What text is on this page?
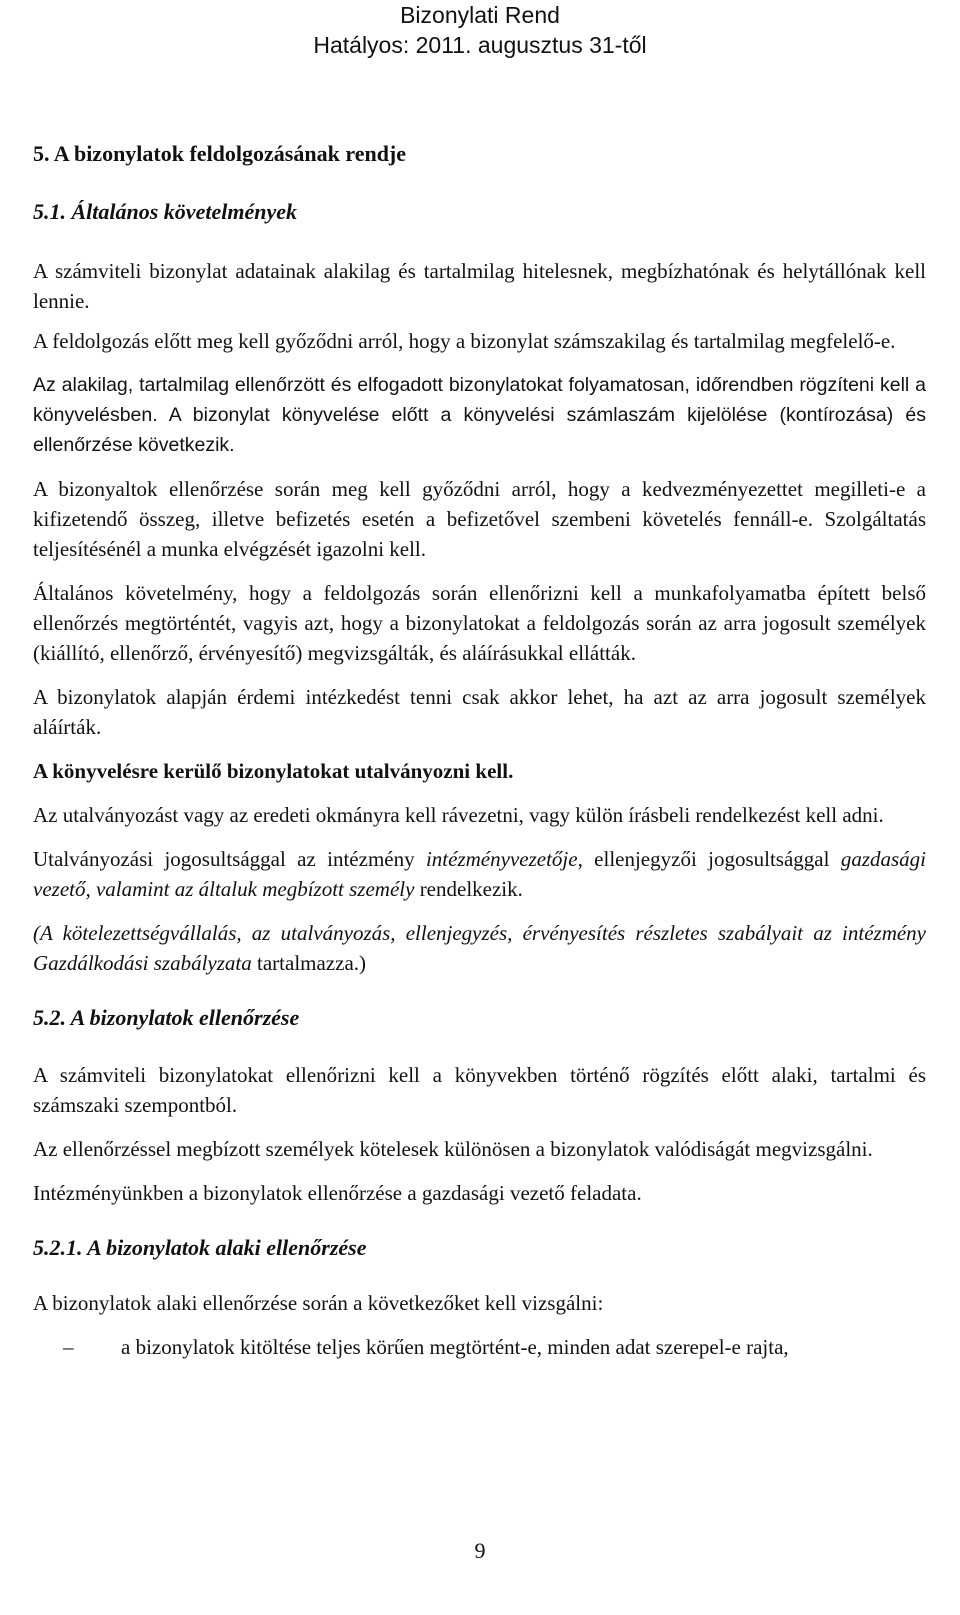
Bizonylati Rend
Hatályos: 2011. augusztus 31-től
5. A bizonylatok feldolgozásának rendje
5.1. Általános követelmények

A számviteli bizonylat adatainak alakilag és tartalmilag hitelesnek, megbízhatónak és helytállónak kell lennie.

A feldolgozás előtt meg kell győződni arról, hogy a bizonylat számszakilag és tartalmilag megfelelő-e.

Az alakilag, tartalmilag ellenőrzött és elfogadott bizonylatokat folyamatosan, időrendben rögzíteni kell a könyvelésben. A bizonylat könyvelése előtt a könyvelési számlaszám kijelölése (kontírozása) és ellenőrzése következik.

A bizonyaltok ellenőrzése során meg kell győződni arról, hogy a kedvezményezettet megilleti-e a kifizetendő összeg, illetve befizetés esetén a befizetővel szembeni követelés fennáll-e. Szolgáltatás teljesítésénél a munka elvégzését igazolni kell.

Általános követelmény, hogy a feldolgozás során ellenőrizni kell a munkafolyamatba épített belső ellenőrzés megtörténtét, vagyis azt, hogy a bizonylatokat a feldolgozás során az arra jogosult személyek (kiállító, ellenőrző, érvényesítő) megvizsgálták, és aláírásukkal ellátták.

A bizonylatok alapján érdemi intézkedést tenni csak akkor lehet, ha azt az arra jogosult személyek aláírták.

A könyvelésre kerülő bizonylatokat utalványozni kell.

Az utalványozást vagy az eredeti okmányra kell rávezetni, vagy külön írásbeli rendelkezést kell adni.

Utalványozási jogosultsággal az intézmény intézményvezetője, ellenjegyzői jogosultsággal gazdasági vezető, valamint az általuk megbízott személy rendelkezik.

(A kötelezettségvállalás, az utalványozás, ellenjegyzés, érvényesítés részletes szabályait az intézmény Gazdálkodási szabályzata tartalmazza.)

5.2. A bizonylatok ellenőrzése

A számviteli bizonylatokat ellenőrizni kell a könyvekben történő rögzítés előtt alaki, tartalmi és számszaki szempontból.

Az ellenőrzéssel megbízott személyek kötelesek különösen a bizonylatok valódiságát megvizsgálni.

Intézményünkben a bizonylatok ellenőrzése a gazdasági vezető feladata.

5.2.1. A bizonylatok alaki ellenőrzése

A bizonylatok alaki ellenőrzése során a következőket kell vizsgálni:

– a bizonylatok kitöltése teljes körűen megtörtént-e, minden adat szerepel-e rajta,
9
